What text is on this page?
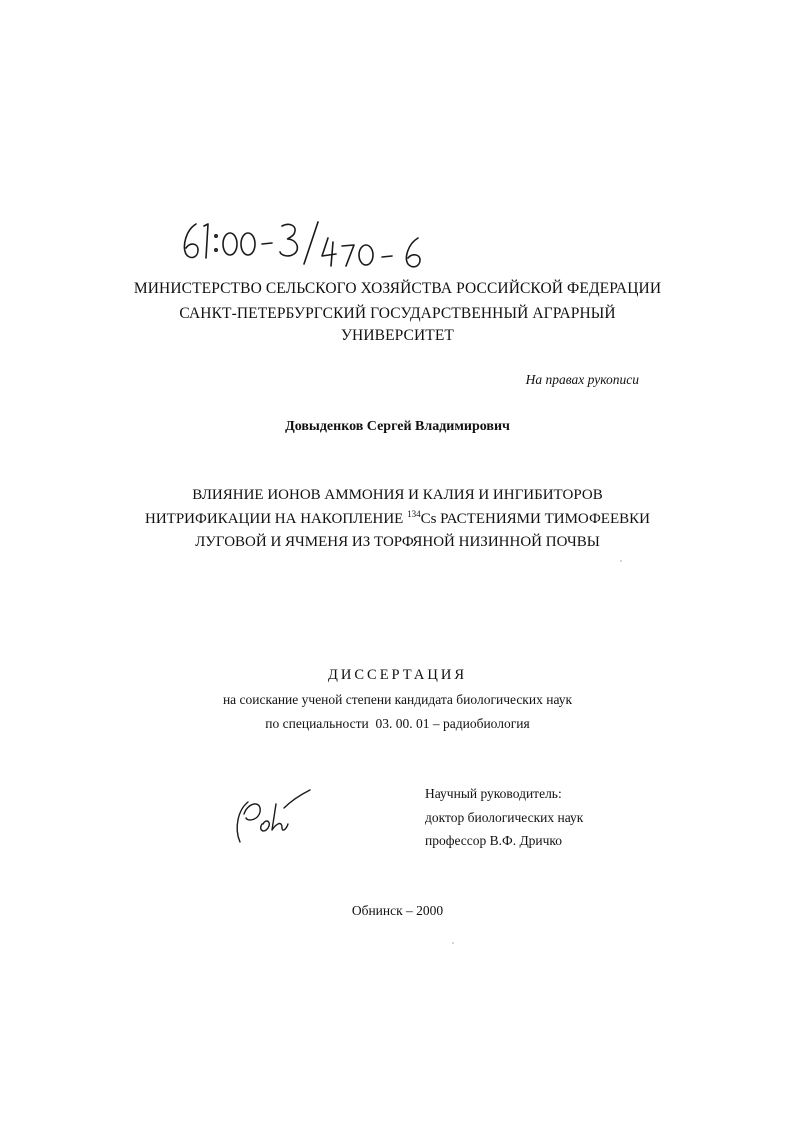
МИНИСТЕРСТВО СЕЛЬСКОГО ХОЗЯЙСТВА РОССИЙСКОЙ ФЕДЕРАЦИИ
САНКТ-ПЕТЕРБУРГСКИЙ ГОСУДАРСТВЕННЫЙ АГРАРНЫЙ
УНИВЕРСИТЕТ
На правах рукописи
Довыденков Сергей Владимирович
ВЛИЯНИЕ ИОНОВ АММОНИЯ И КАЛИЯ И ИНГИБИТОРОВ
НИТРИФИКАЦИИ НА НАКОПЛЕНИЕ $^{134}$Cs РАСТЕНИЯМИ ТИМОФЕЕВКИ
ЛУГОВОЙ И ЯЧМЕНЯ ИЗ ТОРФЯНОЙ НИЗИННОЙ ПОЧВЫ
ДИССЕРТАЦИЯ
на соискание ученой степени кандидата биологических наук
по специальности  03. 00. 01 – радиобиология
Научный руководитель:
доктор биологических наук
профессор В.Ф. Дричко
Обнинск – 2000
